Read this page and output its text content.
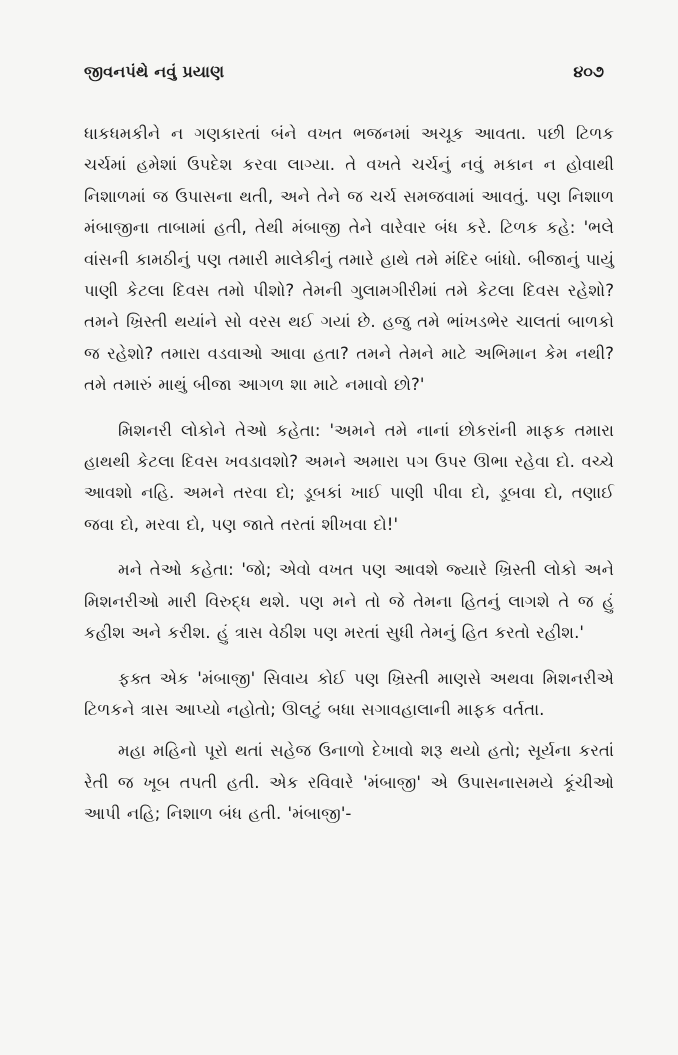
જીવનપંથે નવું પ્રયાણ	૪૦૭

ધાકધમકીને ન ગણકારતાં બંને વખત ભજનમાં અચૂક આવતા. પછી ટિળક ચર્ચમાં હમેશાં ઉપદેશ કરવા લાગ્યા. તે વખતે ચર્ચનું નવું મકાન ન હોવાથી નિશાળમાં જ ઉપાસના થતી, અને તેને જ ચર્ચ સમજવામાં આવતું. પણ નિશાળ મંબાજીના તાબામાં હતી, તેથી મંબાજી તેને વારેવાર બંધ કરે. ટિળક કહે: 'ભલે વાંસની કામઠીનું પણ તમારી માલેકીનું તમારે હાથે તમે મંદિર બાંધો. બીજાનું પાયું પાણી કેટલા દિવસ તમો પીશો? તેમની ગુલામગીરીમાં તમે કેટલા દિવસ રહેશો? તમને ખ્રિસ્તી થયાંને સો વરસ થઈ ગયાં છે. હજુ તમે ભાંખડભેર ચાલતાં બાળકો જ રહેશો? તમારા વડવાઓ આવા હતા? તમને તેમને માટે અભિમાન કેમ નથી? તમે તમારું માથું બીજા આગળ શા માટે નમાવો છો?'

મિશનરી લોકોને તેઓ કહેતા: 'અમને તમે નાનાં છોકરાંની માફક તમારા હાથથી કેટલા દિવસ ખવડાવશો? અમને અમારા પગ ઉપર ઊભા રહેવા દો. વચ્ચે આવશો નહિ. અમને તરવા દો; ડૂબકાં ખાઈ પાણી પીવા દો, ડૂબવા દો, તણાઈ જવા દો, મરવા દો, પણ જાતે તરતાં શીખવા દો!'

મને તેઓ કહેતા: 'જો; એવો વખત પણ આવશે જ્યારે ખ્રિસ્તી લોકો અને મિશનરીઓ મારી વિરુદ્ધ થશે. પણ મને તો જે તેમના હિતનું લાગશે તે જ હું કહીશ અને કરીશ. હું ત્રાસ વેઠીશ પણ મરતાં સુધી તેમનું હિત કરતો રહીશ.'

ફક્ત એક 'મંબાજી' સિવાય કોઈ પણ ખ્રિસ્તી માણસે અથવા મિશનરીએ ટિળકને ત્રાસ આપ્યો નહોતો; ઊલટું બધા સગાવહાલાની માફક વર્તતા.

મહા મહિનો પૂરો થતાં સહેજ ઉનાળો દેખાવો શરૂ થયો હતો; સૂર્યના કરતાં રેતી જ ખૂબ તપતી હતી. એક રવિવારે 'મંબાજી' એ ઉપાસનાસમયે કૂંચીઓ આપી નહિ; નિશાળ બંધ હતી. 'મંબાજી'-
